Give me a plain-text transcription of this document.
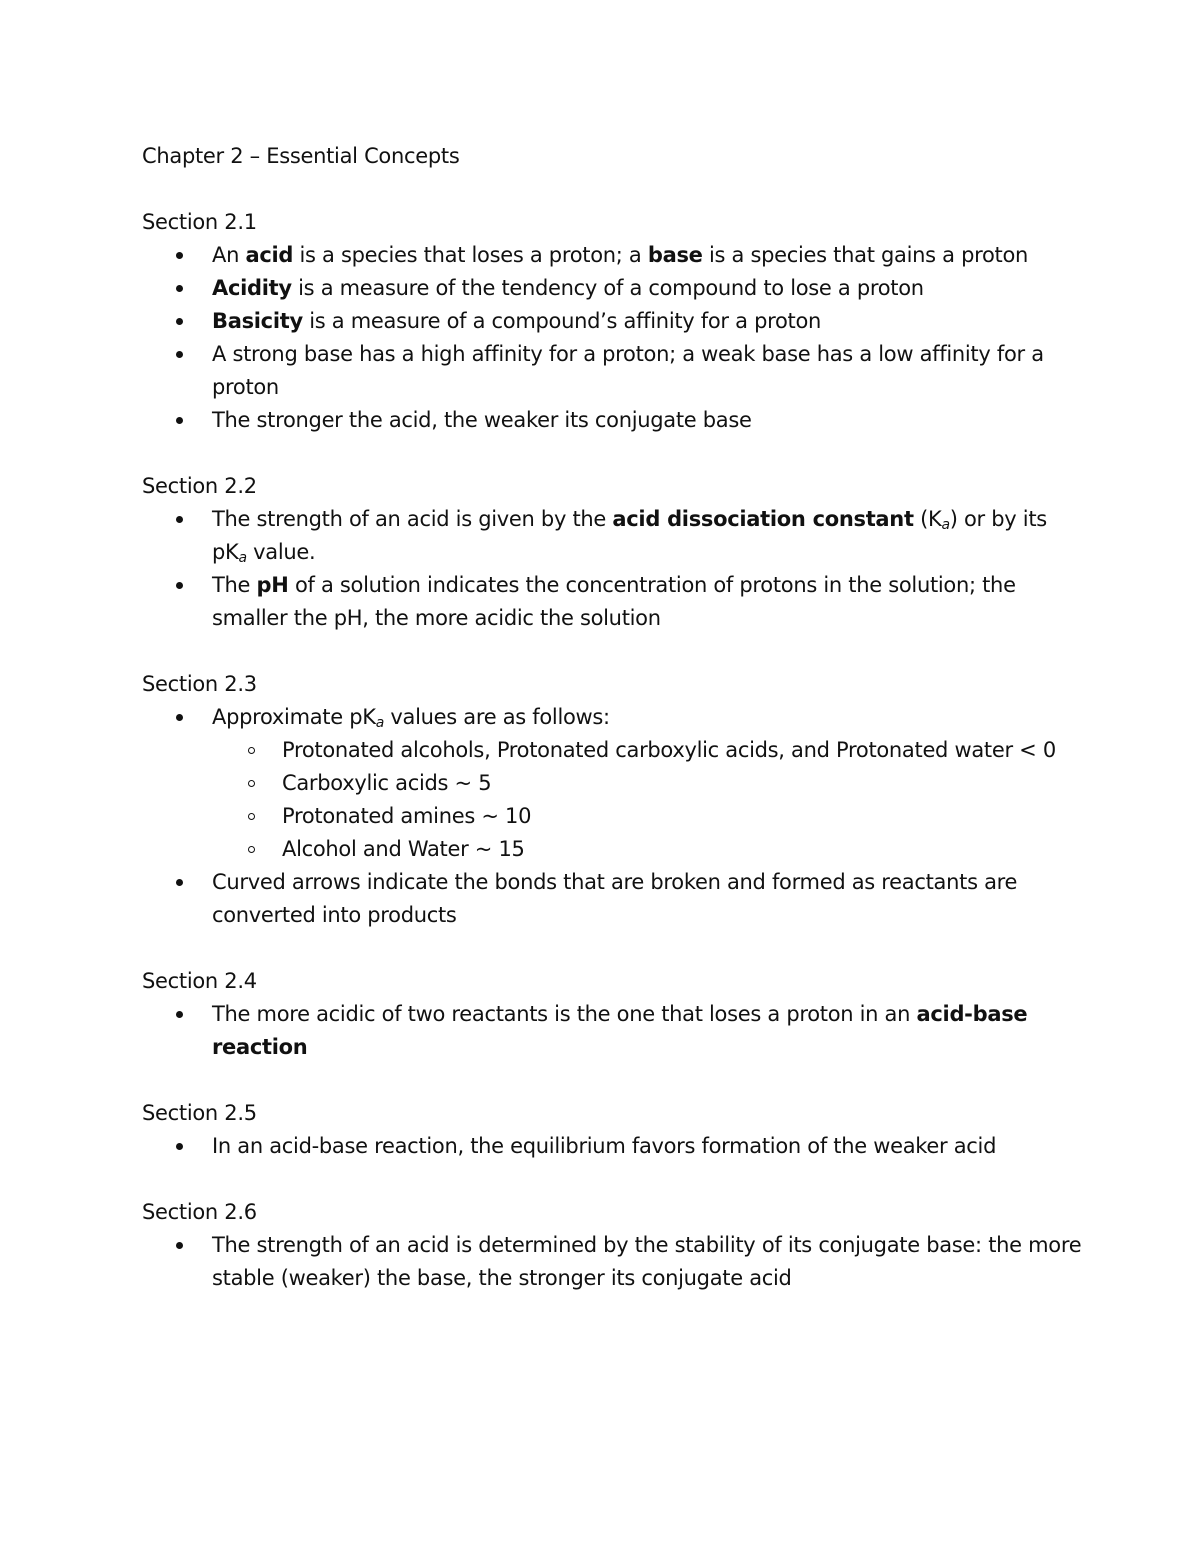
Chapter 2 – Essential Concepts
Section 2.1
An acid is a species that loses a proton; a base is a species that gains a proton
Acidity is a measure of the tendency of a compound to lose a proton
Basicity is a measure of a compound’s affinity for a proton
A strong base has a high affinity for a proton; a weak base has a low affinity for a proton
The stronger the acid, the weaker its conjugate base
Section 2.2
The strength of an acid is given by the acid dissociation constant $(K_a)$ or by its $pK_a$ value.
The pH of a solution indicates the concentration of protons in the solution; the smaller the pH, the more acidic the solution
Section 2.3
Approximate $pK_a$ values are as follows:
Protonated alcohols, Protonated carboxylic acids, and Protonated water < 0
Carboxylic acids ~ 5
Protonated amines ~ 10
Alcohol and Water ~ 15
Curved arrows indicate the bonds that are broken and formed as reactants are converted into products
Section 2.4
The more acidic of two reactants is the one that loses a proton in an acid-base reaction
Section 2.5
In an acid-base reaction, the equilibrium favors formation of the weaker acid
Section 2.6
The strength of an acid is determined by the stability of its conjugate base: the more stable (weaker) the base, the stronger its conjugate acid
